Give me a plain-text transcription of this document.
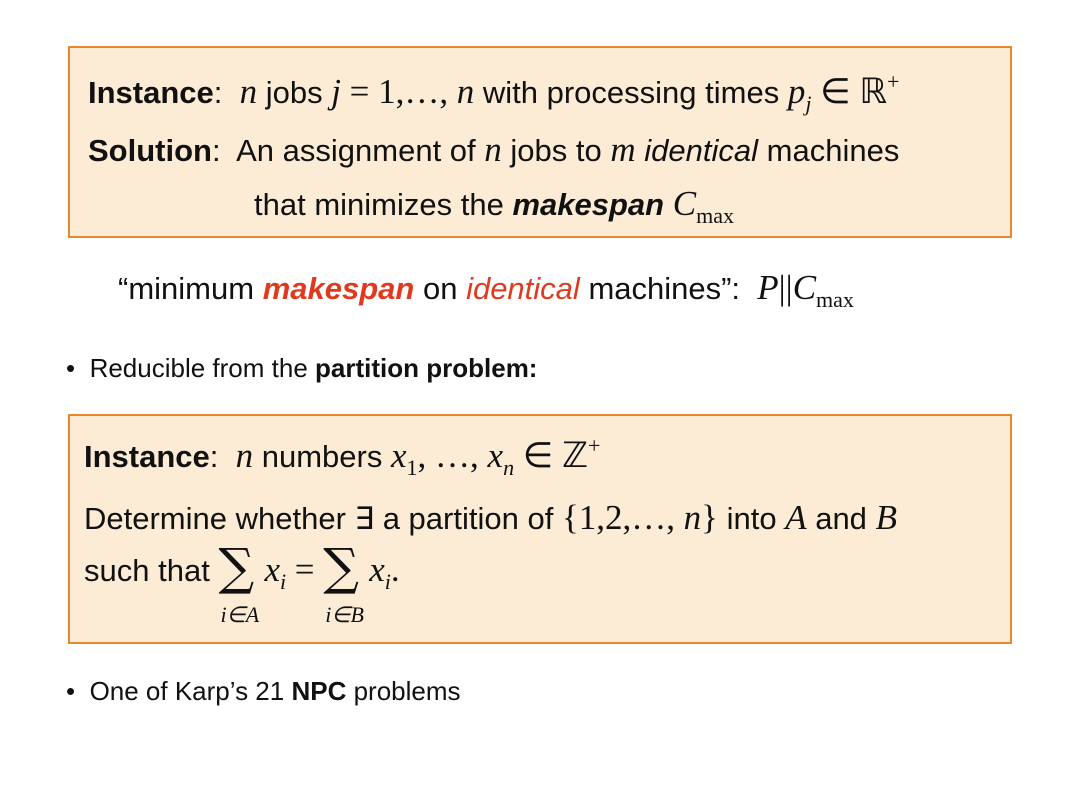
Instance:  n jobs j = 1,…, n with processing times $p_j$ ∈ ℝ+
Solution:  An assignment of n jobs to m identical machines
that minimizes the makespan $C_{max}$
“minimum makespan on identical machines”: $P||C_{max}$
• Reducible from the partition problem:
Instance:  n numbers $x_1$, …, $x_n$ ∈ ℤ+
Determine whether ∃ a partition of {1,2,…, n} into A and B
such that ∑
i∈A
xi = ∑
i∈B
xi.
• One of Karp’s 21 NPC problems
